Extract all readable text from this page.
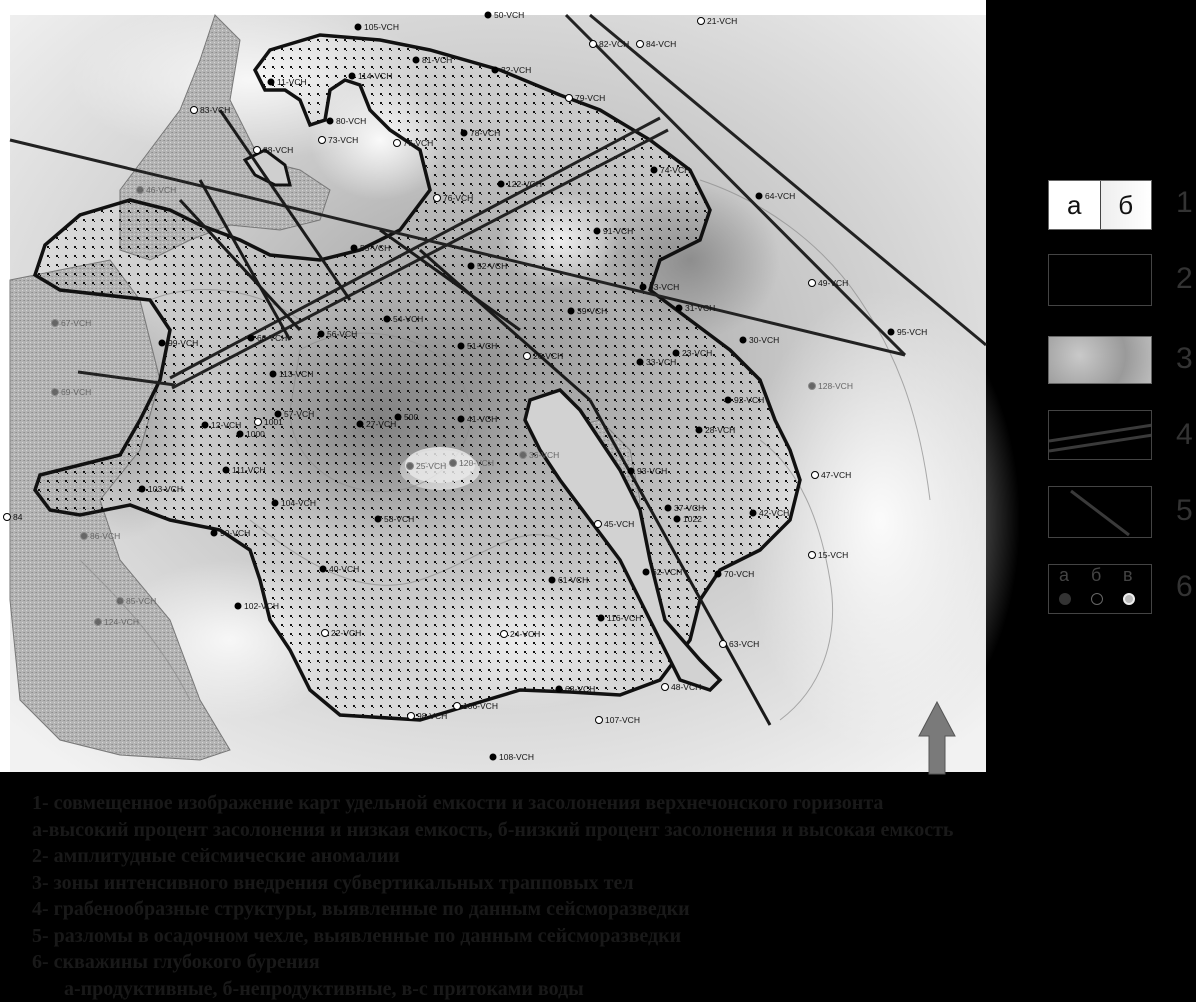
50-VCH
105-VCH
21-VCH
82-VCH 84-VCH
81-VCH
32-VCH
114-VCH
11-VCH
79-VCH
83-VCH
80-VCH
73-VCH	77-VCH
78-VCH
88-VCH
74-VCH
122-VCH
64-VCH
46-VCH
76-VCH
91-VCH
55-VCH
52-VCH
53-VCH	49-VCH
31-VCH
54-VCH
39-VCH
56-VCH
67-VCH
99-VCH	60-VCH
51-VCH
26-VCH
30-VCH
95-VCH
23-VCH
33-VCH
113-VCH
69-VCH
128-VCH
57-VCH	500	41-VCH
92-VCH
12-VCH	1001
1000
27-VCH
28-VCH
25-VCH 120-VCH
36-VCH
111-VCH	93-VCH	47-VCH
103-VCH
104-VCH	37-VCH	42-VCH
1022
58-VCH	45-VCH
90-VCH
86-VCH
15-VCH
40-VCH	62-VCH	70-VCH
61-VCH
85-VCH	102-VCH
116-VCH
124-VCH
22-VCH	24-VCH
63-VCH
48-VCH
68-VCH
98-VCH
106-VCH
107-VCH
108-VCH
84
а	б
а б в
1
2
3
4
5
6
1- совмещенное изображение карт удельной емкости и засолонения верхнечонского горизонта
а-высокий процент засолонения и низкая емкость, б-низкий процент засолонения и высокая емкость
2- амплитудные сейсмические аномалии
3- зоны интенсивного внедрения субвертикальных трапповых тел
4- грабенообразные структуры, выявленные по данным сейсморазведки
5- разломы в осадочном чехле, выявленные по данным сейсморазведки
6- скважины глубокого бурения
а-продуктивные, б-непродуктивные, в-с притоками воды
